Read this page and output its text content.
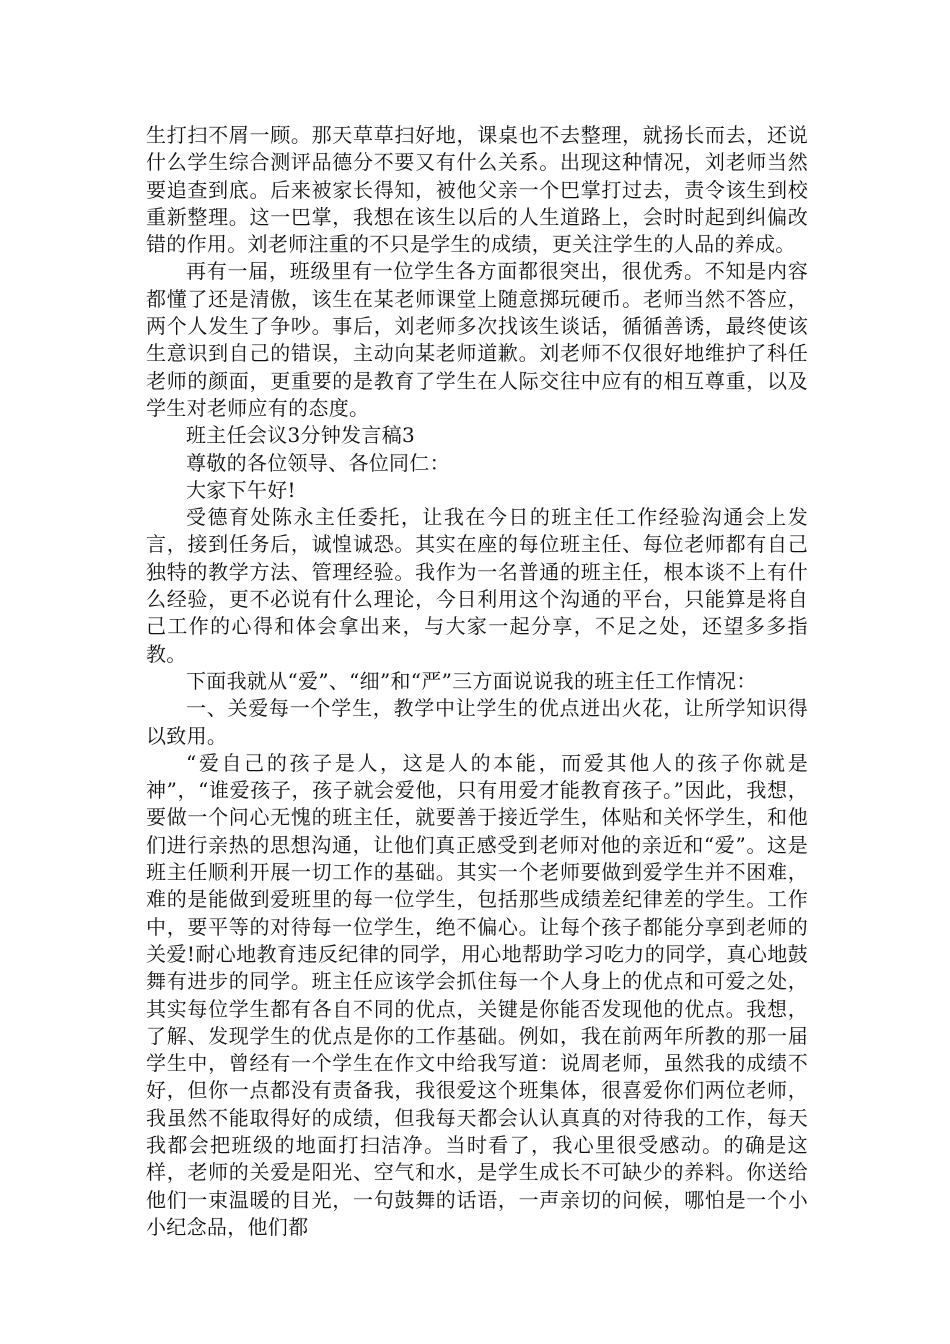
生打扫不屑一顾。那天草草扫好地，课桌也不去整理，就扬长而去，还说什么学生综合测评品德分不要又有什么关系。出现这种情况，刘老师当然要追查到底。后来被家长得知，被他父亲一个巴掌打过去，责令该生到校重新整理。这一巴掌，我想在该生以后的人生道路上，会时时起到纠偏改错的作用。刘老师注重的不只是学生的成绩，更关注学生的人品的养成。

再有一届，班级里有一位学生各方面都很突出，很优秀。不知是内容都懂了还是清傲，该生在某老师课堂上随意掷玩硬币。老师当然不答应，两个人发生了争吵。事后，刘老师多次找该生谈话，循循善诱，最终使该生意识到自己的错误，主动向某老师道歉。刘老师不仅很好地维护了科任老师的颜面，更重要的是教育了学生在人际交往中应有的相互尊重，以及学生对老师应有的态度。

班主任会议3分钟发言稿3

尊敬的各位领导、各位同仁：

大家下午好!

受德育处陈永主任委托，让我在今日的班主任工作经验沟通会上发言，接到任务后，诚惶诚恐。其实在座的每位班主任、每位老师都有自己独特的教学方法、管理经验。我作为一名普通的班主任，根本谈不上有什么经验，更不必说有什么理论，今日利用这个沟通的平台，只能算是将自己工作的心得和体会拿出来，与大家一起分享，不足之处，还望多多指教。

下面我就从“爱”、“细”和“严”三方面说说我的班主任工作情况：

一、关爱每一个学生，教学中让学生的优点迸出火花，让所学知识得以致用。

“爱自己的孩子是人，这是人的本能，而爱其他人的孩子你就是神”，“谁爱孩子，孩子就会爱他，只有用爱才能教育孩子。”因此，我想，要做一个问心无愧的班主任，就要善于接近学生，体贴和关怀学生，和他们进行亲热的思想沟通，让他们真正感受到老师对他的亲近和“爱”。这是班主任顺利开展一切工作的基础。其实一个老师要做到爱学生并不困难，难的是能做到爱班里的每一位学生，包括那些成绩差纪律差的学生。工作中，要平等的对待每一位学生，绝不偏心。让每个孩子都能分享到老师的关爱!耐心地教育违反纪律的同学，用心地帮助学习吃力的同学，真心地鼓舞有进步的同学。班主任应该学会抓住每一个人身上的优点和可爱之处，其实每位学生都有各自不同的优点，关键是你能否发现他的优点。我想，了解、发现学生的优点是你的工作基础。例如，我在前两年所教的那一届学生中，曾经有一个学生在作文中给我写道：说周老师，虽然我的成绩不好，但你一点都没有责备我，我很爱这个班集体，很喜爱你们两位老师，我虽然不能取得好的成绩，但我每天都会认认真真的对待我的工作，每天我都会把班级的地面打扫洁净。当时看了，我心里很受感动。的确是这样，老师的关爱是阳光、空气和水，是学生成长不可缺少的养料。你送给他们一束温暖的目光，一句鼓舞的话语，一声亲切的问候，哪怕是一个小小纪念品，他们都
